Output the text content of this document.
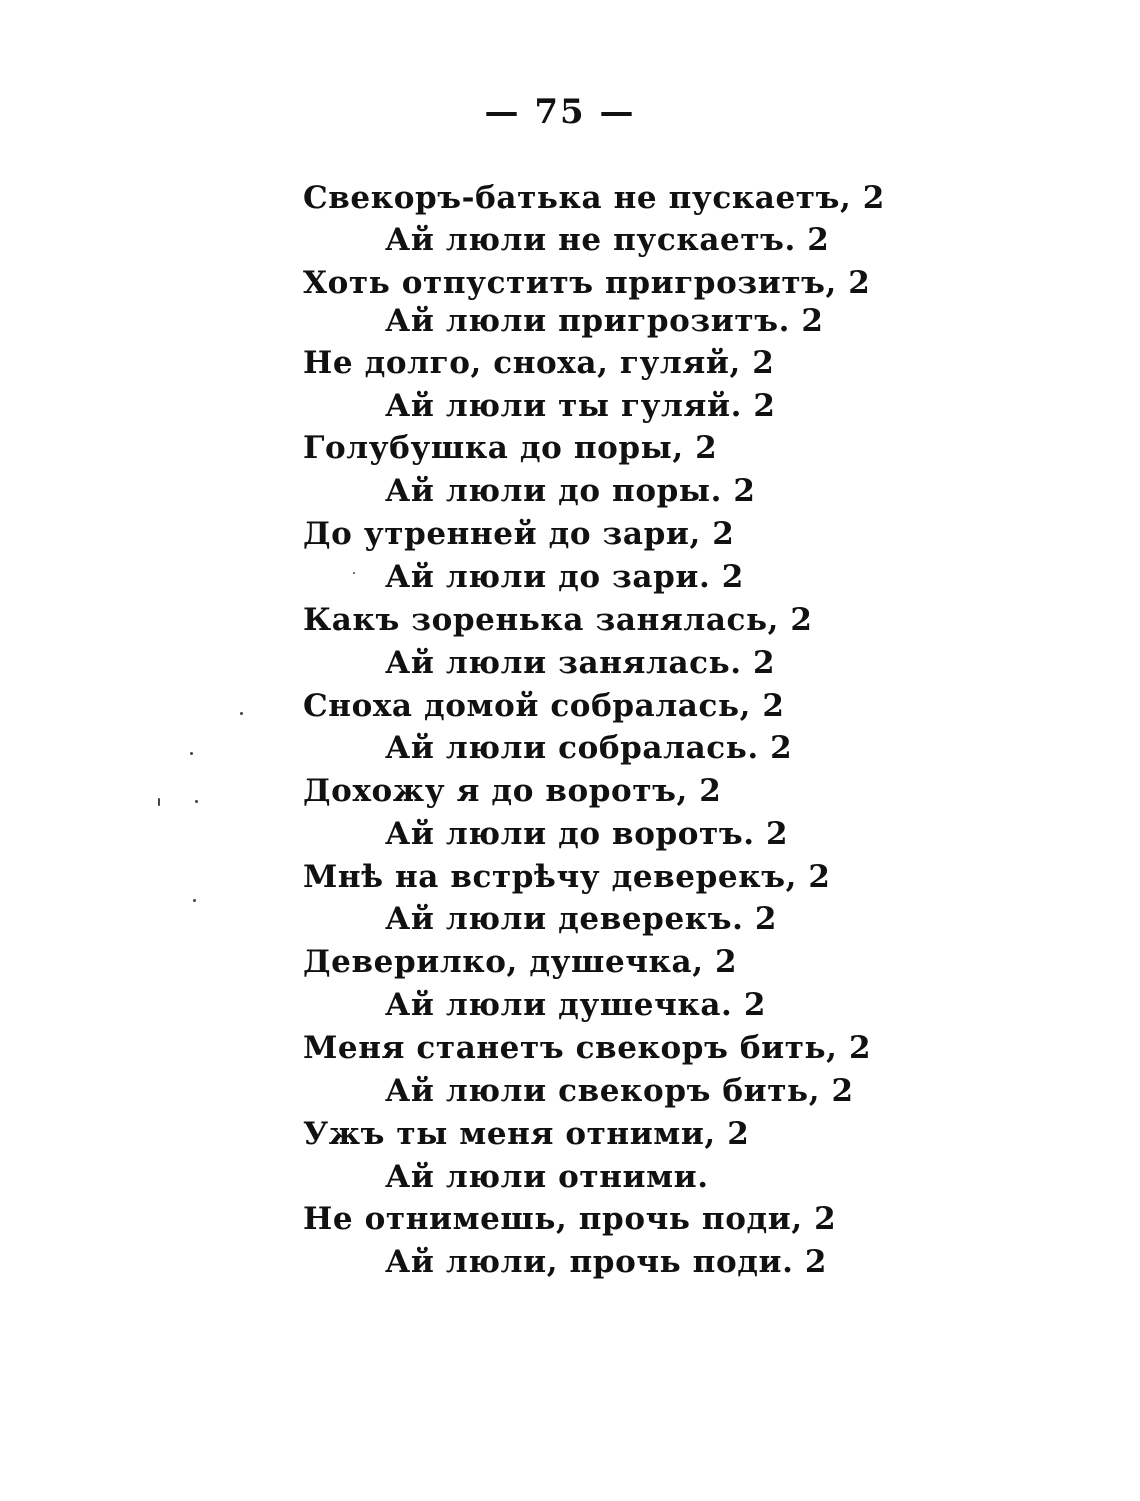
— 75 —
Свекоръ-батька не пускаетъ, 2
Ай люли не пускаетъ. 2
Хоть отпуститъ пригрозитъ, 2
Ай люли пригрозитъ. 2
Не долго, сноха, гуляй, 2
Ай люли ты гуляй. 2
Голубушка до поры, 2
Ай люли до поры. 2
До утренней до зари, 2
Ай люли до зари. 2
Какъ зоренька занялась, 2
Ай люли занялась. 2
Сноха домой собралась, 2
Ай люли собралась. 2
Дохожу я до воротъ, 2
Ай люли до воротъ. 2
Мнѣ на встрѣчу деверекъ, 2
Ай люли деверекъ. 2
Деверилко, душечка, 2
Ай люли душечка. 2
Меня станетъ свекоръ бить, 2
Ай люли свекоръ бить, 2
Ужъ ты меня отними, 2
Ай люли отними.
Не отнимешь, прочь поди, 2
Ай люли, прочь поди. 2
